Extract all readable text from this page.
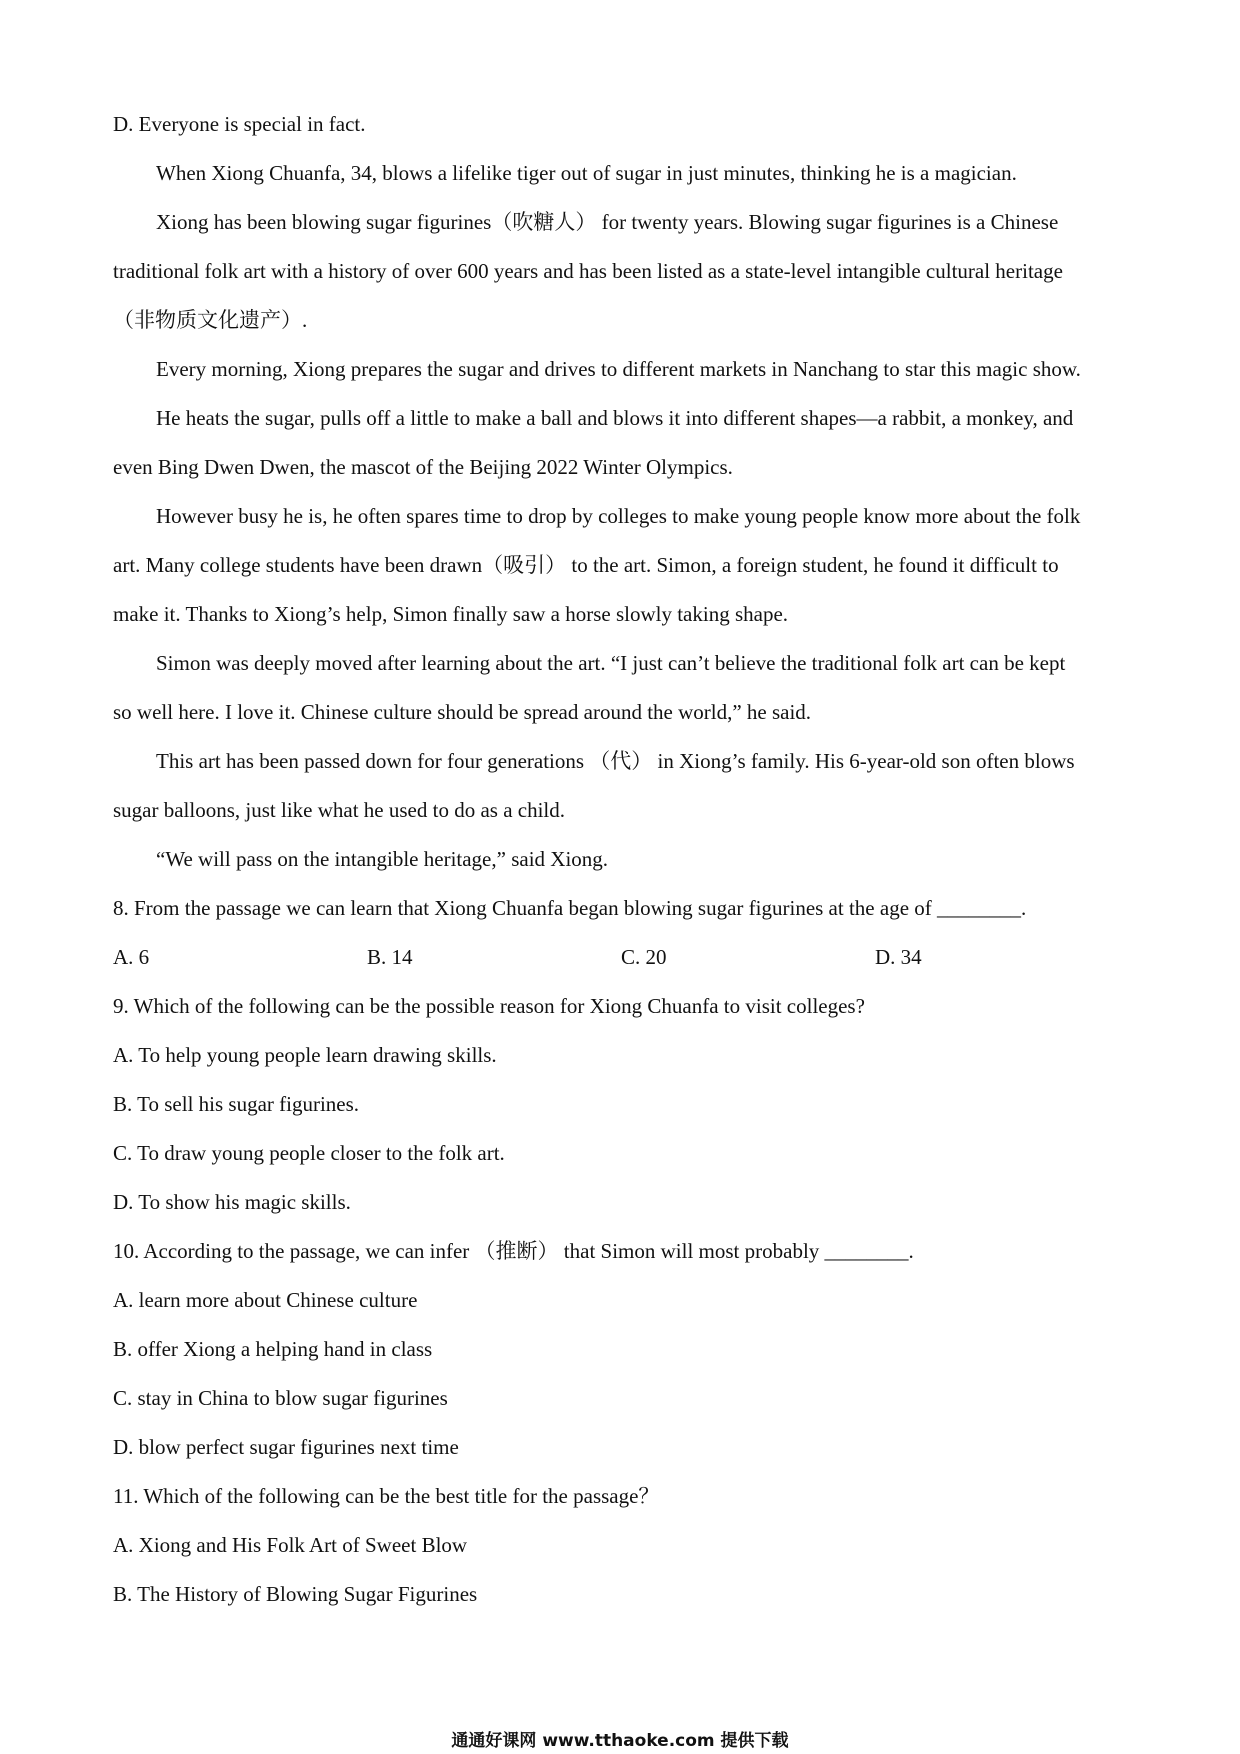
D. Everyone is special in fact.
When Xiong Chuanfa, 34, blows a lifelike tiger out of sugar in just minutes, thinking he is a magician.
Xiong has been blowing sugar figurines（吹糖人） for twenty years. Blowing sugar figurines is a Chinese
traditional folk art with a history of over 600 years and has been listed as a state-level intangible cultural heritage
（非物质文化遗产）.
Every morning, Xiong prepares the sugar and drives to different markets in Nanchang to star this magic show.
He heats the sugar, pulls off a little to make a ball and blows it into different shapes—a rabbit, a monkey, and
even Bing Dwen Dwen, the mascot of the Beijing 2022 Winter Olympics.
However busy he is, he often spares time to drop by colleges to make young people know more about the folk
art. Many college students have been drawn（吸引） to the art. Simon, a foreign student, he found it difficult to
make it. Thanks to Xiong’s help, Simon finally saw a horse slowly taking shape.
Simon was deeply moved after learning about the art. “I just can’t believe the traditional folk art can be kept
so well here. I love it. Chinese culture should be spread around the world,” he said.
This art has been passed down for four generations （代） in Xiong’s family. His 6-year-old son often blows
sugar balloons, just like what he used to do as a child.
“We will pass on the intangible heritage,” said Xiong.
8. From the passage we can learn that Xiong Chuanfa began blowing sugar figurines at the age of ________.
A. 6	B. 14	C. 20	D. 34
9. Which of the following can be the possible reason for Xiong Chuanfa to visit colleges?
A. To help young people learn drawing skills.
B. To sell his sugar figurines.
C. To draw young people closer to the folk art.
D. To show his magic skills.
10. According to the passage, we can infer （推断） that Simon will most probably ________.
A. learn more about Chinese culture
B. offer Xiong a helping hand in class
C. stay in China to blow sugar figurines
D. blow perfect sugar figurines next time
11. Which of the following can be the best title for the passage？
A. Xiong and His Folk Art of Sweet Blow
B. The History of Blowing Sugar Figurines
通通好课网 www.tthaoke.com 提供下载
